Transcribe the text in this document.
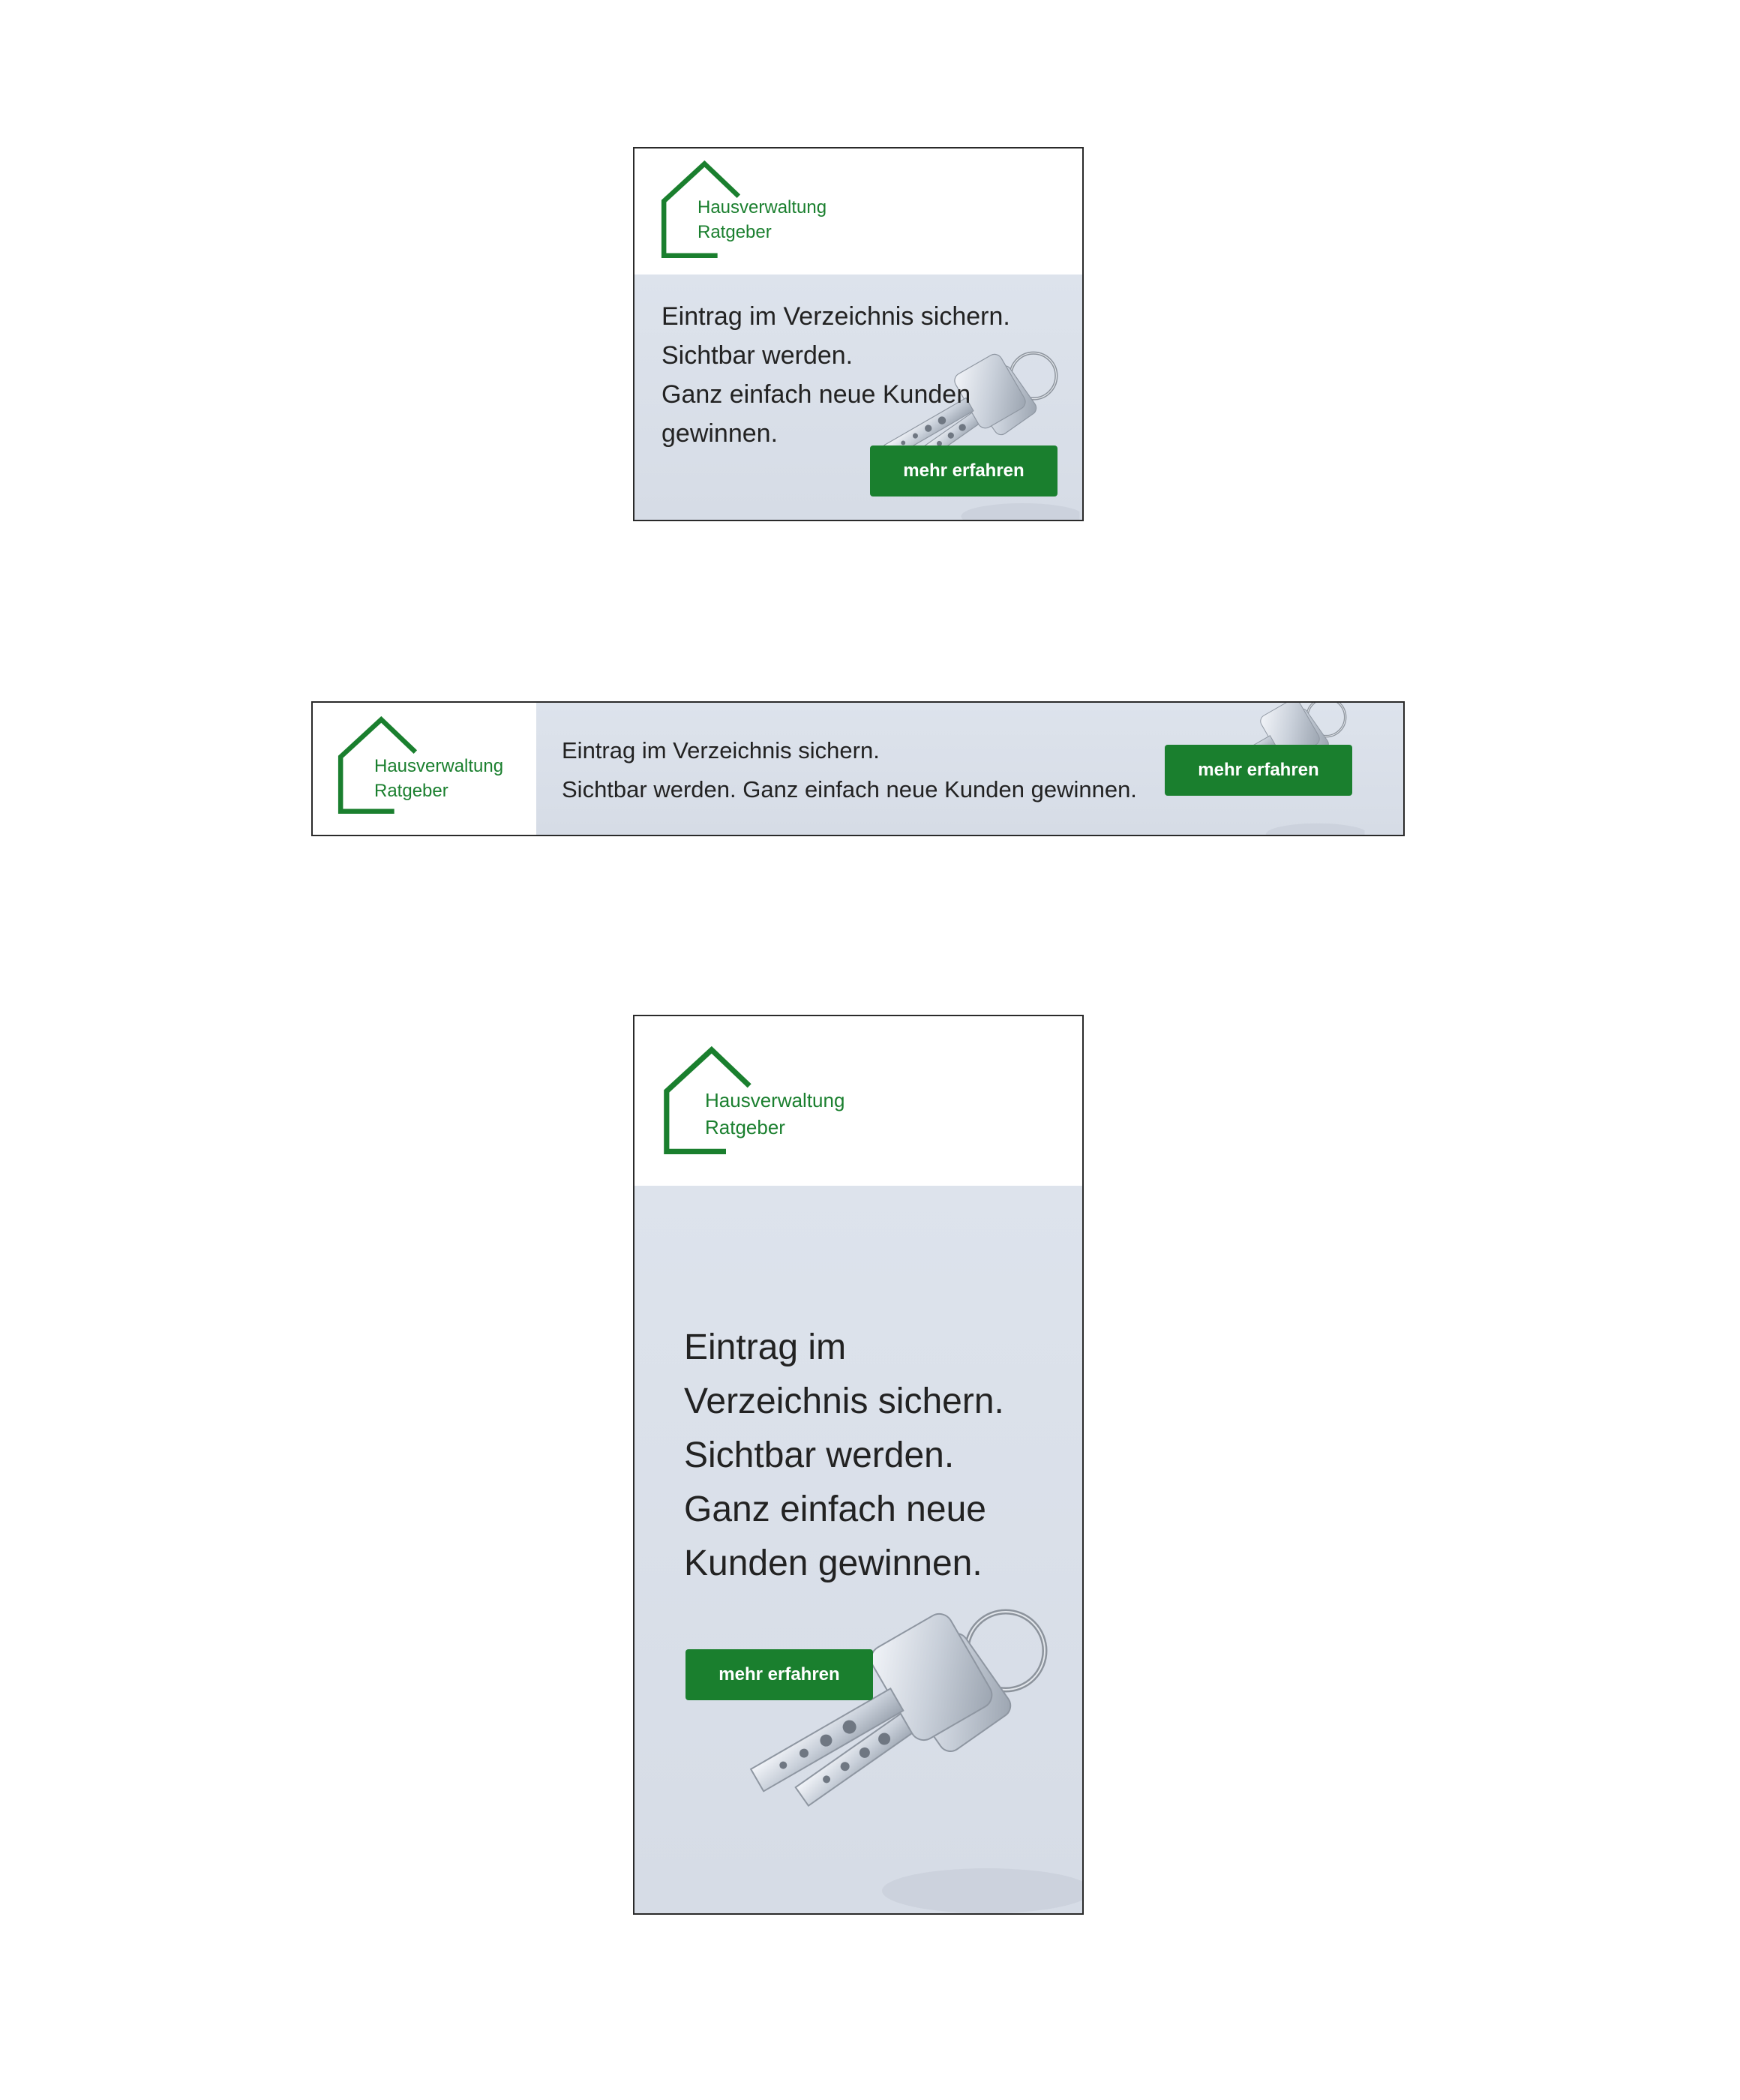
Hausverwaltung
Ratgeber
Eintrag im Verzeichnis sichern.
Sichtbar werden.
Ganz einfach neue Kunden
gewinnen.
mehr erfahren
Hausverwaltung
Ratgeber
Eintrag im Verzeichnis sichern.
Sichtbar werden. Ganz einfach neue Kunden gewinnen.
mehr erfahren
Hausverwaltung
Ratgeber
Eintrag im
Verzeichnis sichern.
Sichtbar werden.
Ganz einfach neue
Kunden gewinnen.
mehr erfahren
